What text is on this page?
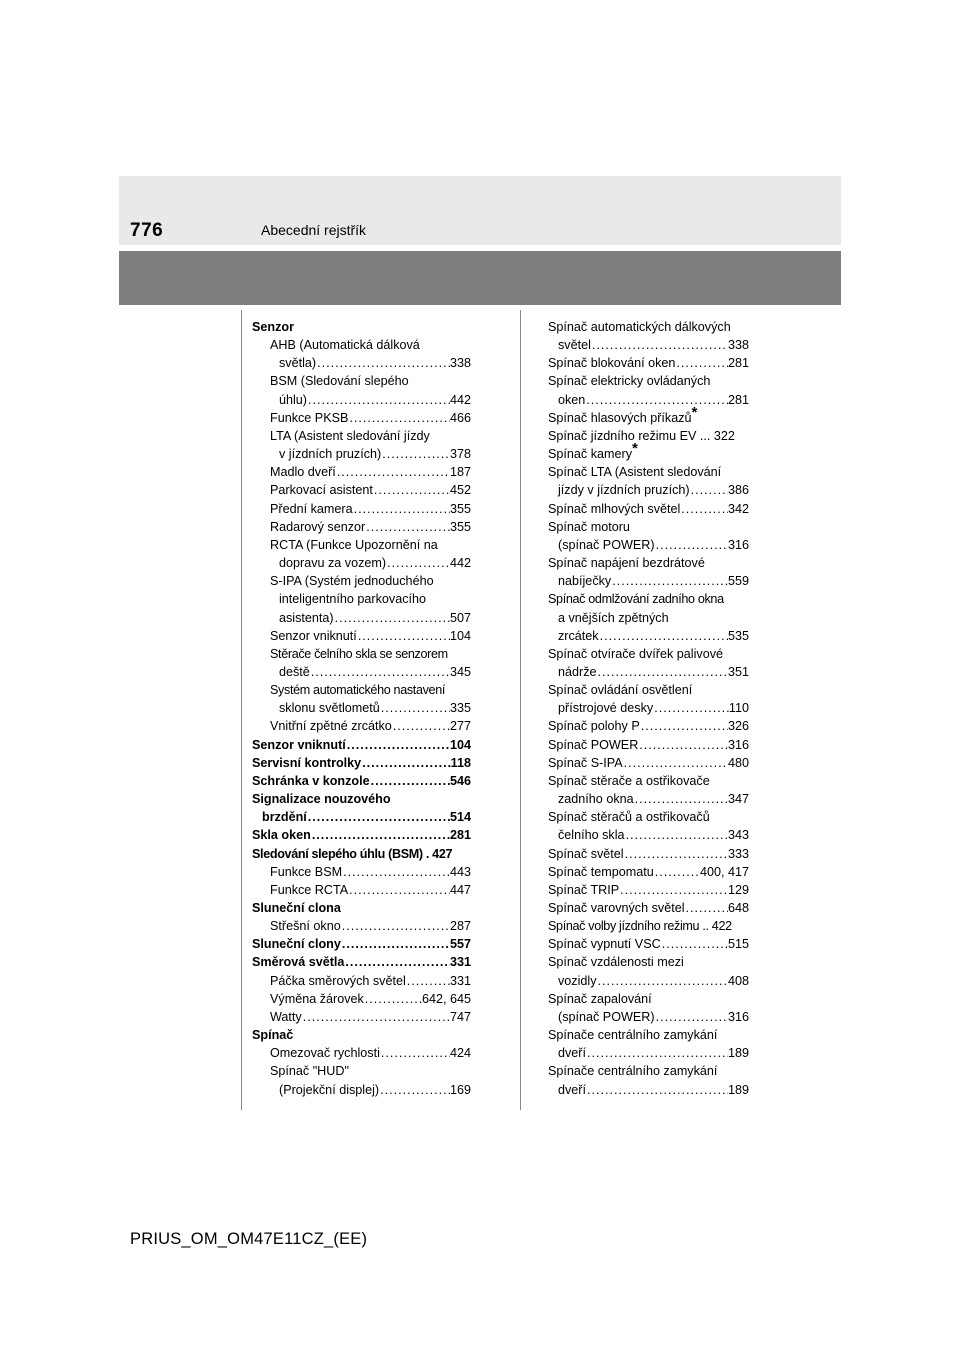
776	Abecední rejstřík
Senzor
AHB (Automatická dálková
světla) .....	338
BSM (Sledování slepého
úhlu) .....	442
Funkce PKSB .....	466
LTA (Asistent sledování jízdy
v jízdních pruzích) .....	378
Madlo dveří .....	187
Parkovací asistent .....	452
Přední kamera .....	355
Radarový senzor .....	355
RCTA (Funkce Upozornění na
dopravu za vozem) .....	442
S-IPA (Systém jednoduchého
inteligentního parkovacího
asistenta) .....	507
Senzor vniknutí .....	104
Stěrače čelního skla se senzorem
deště .....	345
Systém automatického nastavení
sklonu světlometů .....	335
Vnitřní zpětné zrcátko .....	277
Senzor vniknutí .....	104
Servisní kontrolky .....	118
Schránka v konzole .....	546
Signalizace nouzového
brzdění .....	514
Skla oken .....	281
Sledování slepého úhlu (BSM) . 427
Funkce BSM .....	443
Funkce RCTA .....	447
Sluneční clona
Střešní okno .....	287
Sluneční clony .....	557
Směrová světla .....	331
Páčka směrových světel .....	331
Výměna žárovek .....	642, 645
Watty .....	747
Spínač
Omezovač rychlosti .....	424
Spínač "HUD"
(Projekční displej) .....	169
Spínač automatických dálkových
světel .....	338
Spínač blokování oken .....	281
Spínač elektricky ovládaných
oken .....	281
Spínač hlasových příkazů*
Spínač jízdního režimu EV ... 322
Spínač kamery*
Spínač LTA (Asistent sledování
jízdy v jízdních pruzích) .....	386
Spínač mlhových světel .....	342
Spínač motoru
(spínač POWER) .....	316
Spínač napájení bezdrátové
nabíječky .....	559
Spínač odmlžování zadního okna
a vnějších zpětných
zrcátek .....	535
Spínač otvírače dvířek palivové
nádrže .....	351
Spínač ovládání osvětlení
přístrojové desky .....	110
Spínač polohy P .....	326
Spínač POWER .....	316
Spínač S-IPA .....	480
Spínač stěrače a ostřikovače
zadního okna .....	347
Spínač stěračů a ostřikovačů
čelního skla .....	343
Spínač světel .....	333
Spínač tempomatu .....	400, 417
Spínač TRIP .....	129
Spínač varovných světel .....	648
Spínač volby jízdního režimu .. 422
Spínač vypnutí VSC .....	515
Spínač vzdálenosti mezi
vozidly .....	408
Spínač zapalování
(spínač POWER) .....	316
Spínače centrálního zamykání
dveří .....	189
Spínače centrálního zamykání
dveří .....	189
PRIUS_OM_OM47E11CZ_(EE)
